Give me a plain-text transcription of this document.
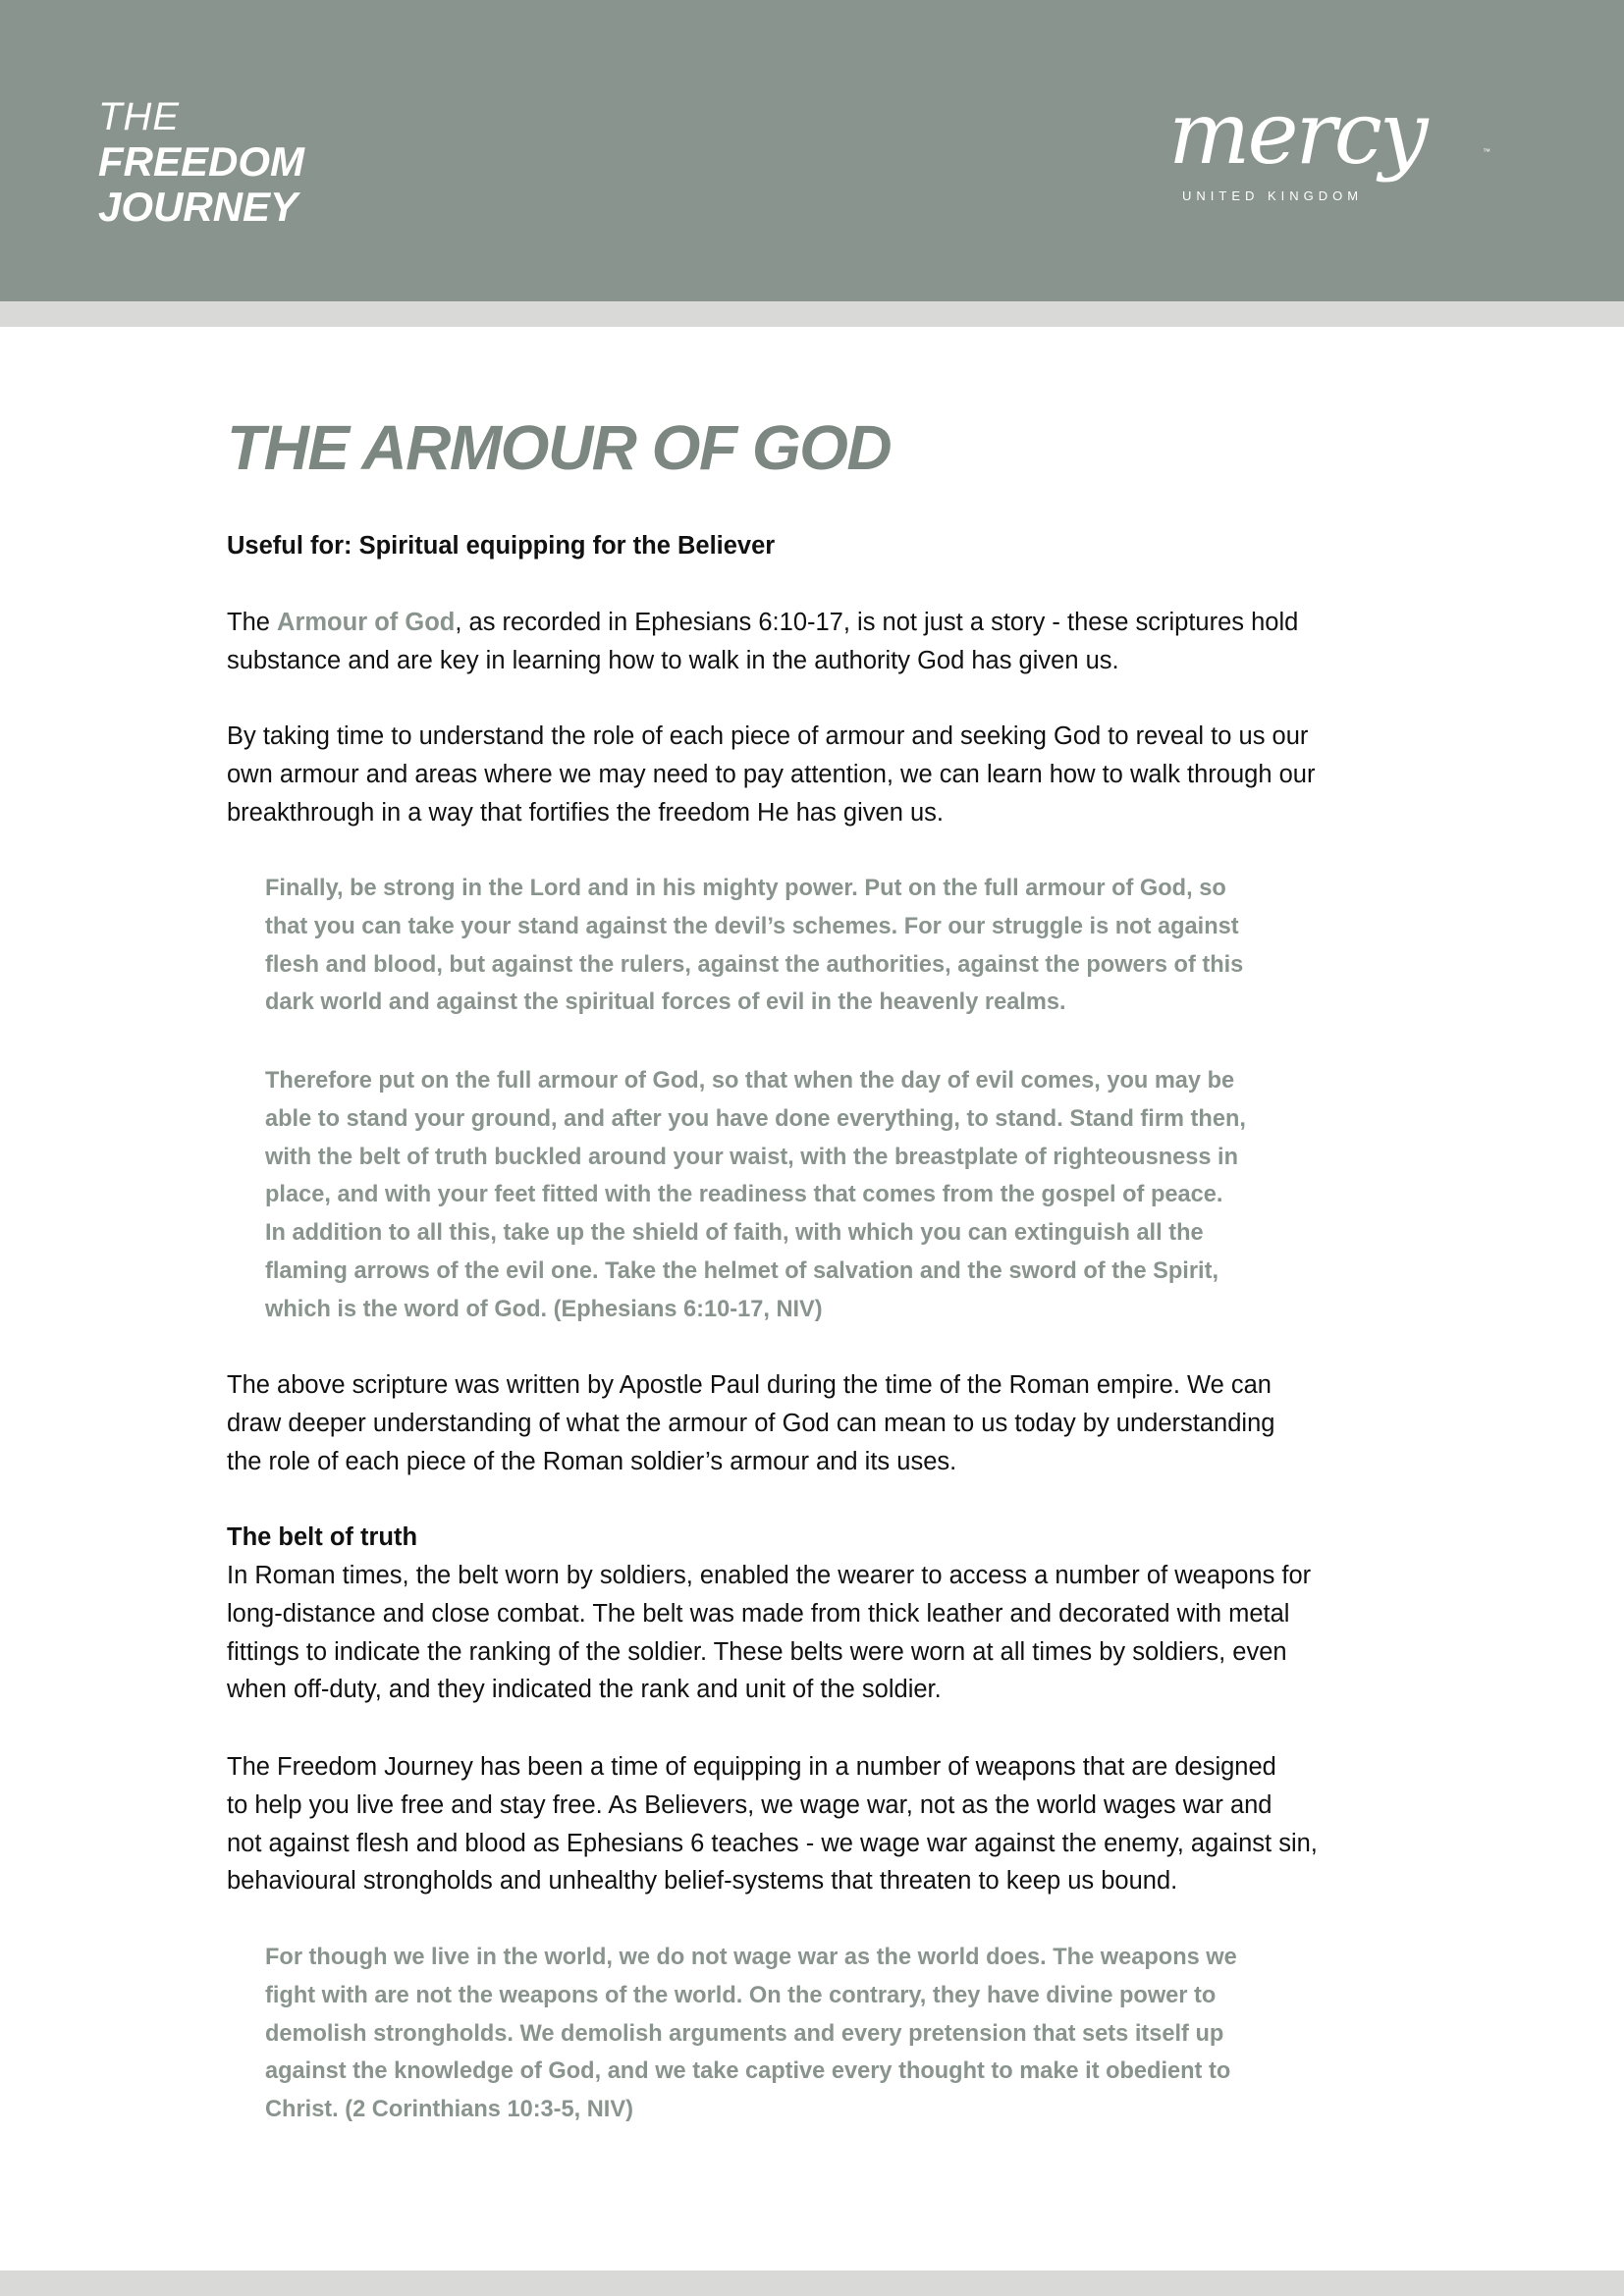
THE
FREEDOM
JOURNEY
mercy	™
UNITED KINGDOM
THE ARMOUR OF GOD
Useful for: Spiritual equipping for the Believer
The Armour of God, as recorded in Ephesians 6:10-17, is not just a story - these scriptures hold
substance and are key in learning how to walk in the authority God has given us.
By taking time to understand the role of each piece of armour and seeking God to reveal to us our
own armour and areas where we may need to pay attention, we can learn how to walk through our
breakthrough in a way that fortifies the freedom He has given us.
Finally, be strong in the Lord and in his mighty power. Put on the full armour of God, so
that you can take your stand against the devil’s schemes. For our struggle is not against
flesh and blood, but against the rulers, against the authorities, against the powers of this
dark world and against the spiritual forces of evil in the heavenly realms.
Therefore put on the full armour of God, so that when the day of evil comes, you may be
able to stand your ground, and after you have done everything, to stand. Stand firm then,
with the belt of truth buckled around your waist, with the breastplate of righteousness in
place, and with your feet fitted with the readiness that comes from the gospel of peace.
In addition to all this, take up the shield of faith, with which you can extinguish all the
flaming arrows of the evil one. Take the helmet of salvation and the sword of the Spirit,
which is the word of God. (Ephesians 6:10-17, NIV)
The above scripture was written by Apostle Paul during the time of the Roman empire. We can
draw deeper understanding of what the armour of God can mean to us today by understanding
the role of each piece of the Roman soldier’s armour and its uses.
The belt of truth
In Roman times, the belt worn by soldiers, enabled the wearer to access a number of weapons for
long-distance and close combat. The belt was made from thick leather and decorated with metal
fittings to indicate the ranking of the soldier. These belts were worn at all times by soldiers, even
when off-duty, and they indicated the rank and unit of the soldier.
The Freedom Journey has been a time of equipping in a number of weapons that are designed
to help you live free and stay free. As Believers, we wage war, not as the world wages war and
not against flesh and blood as Ephesians 6 teaches - we wage war against the enemy, against sin,
behavioural strongholds and unhealthy belief-systems that threaten to keep us bound.
For though we live in the world, we do not wage war as the world does. The weapons we
fight with are not the weapons of the world. On the contrary, they have divine power to
demolish strongholds. We demolish arguments and every pretension that sets itself up
against the knowledge of God, and we take captive every thought to make it obedient to
Christ. (2 Corinthians 10:3-5, NIV)
